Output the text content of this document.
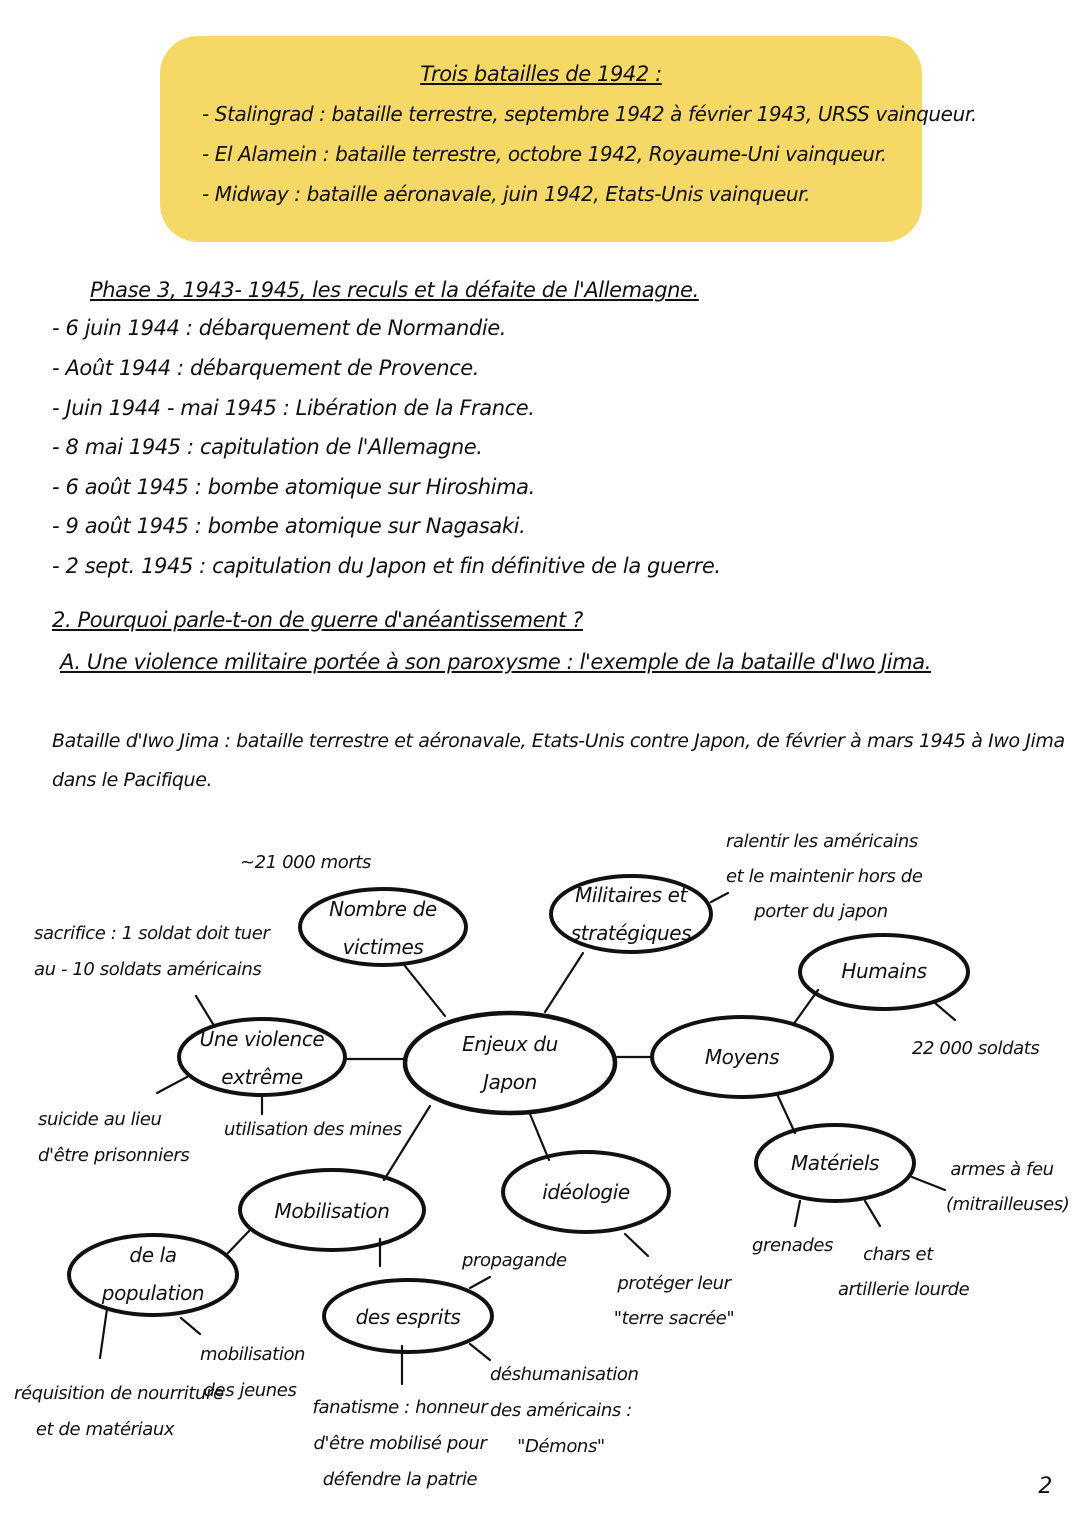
Trois batailles de 1942 :
- Stalingrad : bataille terrestre, septembre 1942 à février 1943, URSS vainqueur.
- El Alamein : bataille terrestre, octobre 1942, Royaume-Uni vainqueur.
- Midway : bataille aéronavale, juin 1942, Etats-Unis vainqueur.
Phase 3, 1943- 1945, les reculs et la défaite de l'Allemagne.
- 6 juin 1944 : débarquement de Normandie.
- Août 1944 : débarquement de Provence.
- Juin 1944 - mai 1945 : Libération de la France.
- 8 mai 1945 : capitulation de l'Allemagne.
- 6 août 1945 : bombe atomique sur Hiroshima.
- 9 août 1945 : bombe atomique sur Nagasaki.
- 2 sept. 1945 : capitulation du Japon et fin définitive de la guerre.
2. Pourquoi parle-t-on de guerre d'anéantissement ?
A. Une violence militaire portée à son paroxysme : l'exemple de la bataille d'Iwo Jima.
Bataille d'Iwo Jima : bataille terrestre et aéronavale, Etats-Unis contre Japon, de février à mars 1945 à Iwo Jima
dans le Pacifique.
Enjeux du
Japon
Nombre de
victimes
Militaires et
stratégiques
Moyens
Humains
Matériels
Une violence
extrême
Mobilisation
de la
population
des esprits
idéologie
~21 000 morts
sacrifice : 1 soldat doit tuer
au - 10 soldats américains
ralentir les américains
et le maintenir hors de
porter du japon
22 000 soldats
suicide au lieu
d'être prisonniers
utilisation des mines
armes à feu
(mitrailleuses)
grenades	chars et
artillerie lourde
propagande
protéger leur
"terre sacrée"
mobilisation
des jeunes
réquisition de nourriture
et de matériaux
fanatisme : honneur
d'être mobilisé pour
défendre la patrie
déshumanisation
des américains :
"Démons"
2
